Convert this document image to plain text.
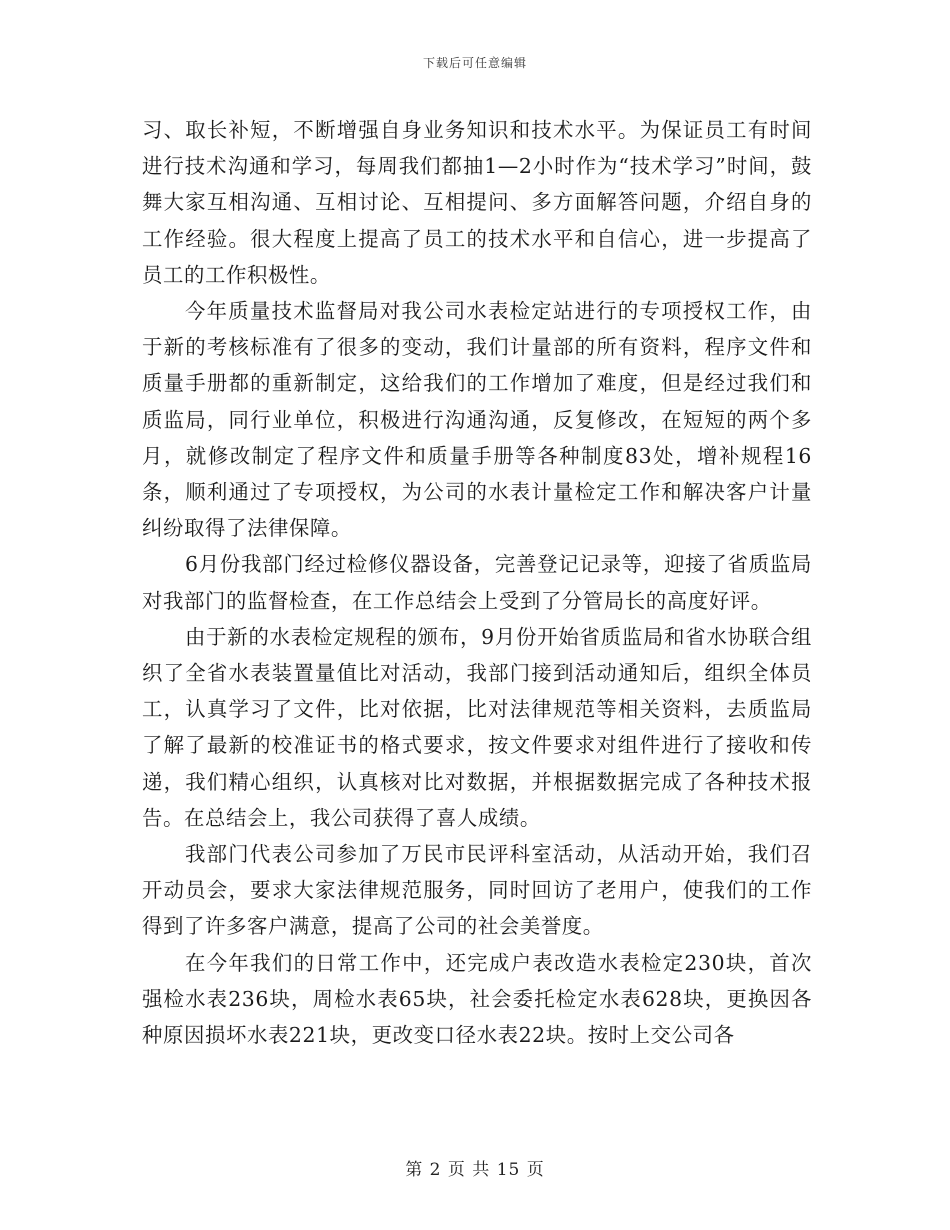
下载后可任意编辑

习、取长补短，不断增强自身业务知识和技术水平。为保证员工有时间进行技术沟通和学习，每周我们都抽1—2小时作为“技术学习”时间，鼓舞大家互相沟通、互相讨论、互相提问、多方面解答问题，介绍自身的工作经验。很大程度上提高了员工的技术水平和自信心，进一步提高了员工的工作积极性。

今年质量技术监督局对我公司水表检定站进行的专项授权工作，由于新的考核标准有了很多的变动，我们计量部的所有资料，程序文件和质量手册都的重新制定，这给我们的工作增加了难度，但是经过我们和质监局，同行业单位，积极进行沟通沟通，反复修改，在短短的两个多月，就修改制定了程序文件和质量手册等各种制度83处，增补规程16条，顺利通过了专项授权，为公司的水表计量检定工作和解决客户计量纠纷取得了法律保障。

6月份我部门经过检修仪器设备，完善登记记录等，迎接了省质监局对我部门的监督检查，在工作总结会上受到了分管局长的高度好评。

由于新的水表检定规程的颁布，9月份开始省质监局和省水协联合组织了全省水表装置量值比对活动，我部门接到活动通知后，组织全体员工，认真学习了文件，比对依据，比对法律规范等相关资料，去质监局了解了最新的校准证书的格式要求，按文件要求对组件进行了接收和传递，我们精心组织，认真核对比对数据，并根据数据完成了各种技术报告。在总结会上，我公司获得了喜人成绩。

我部门代表公司参加了万民市民评科室活动，从活动开始，我们召开动员会，要求大家法律规范服务，同时回访了老用户，使我们的工作得到了许多客户满意，提高了公司的社会美誉度。

在今年我们的日常工作中，还完成户表改造水表检定230块，首次强检水表236块，周检水表65块，社会委托检定水表628块，更换因各种原因损坏水表221块，更改变口径水表22块。按时上交公司各

第 2 页 共 15 页
